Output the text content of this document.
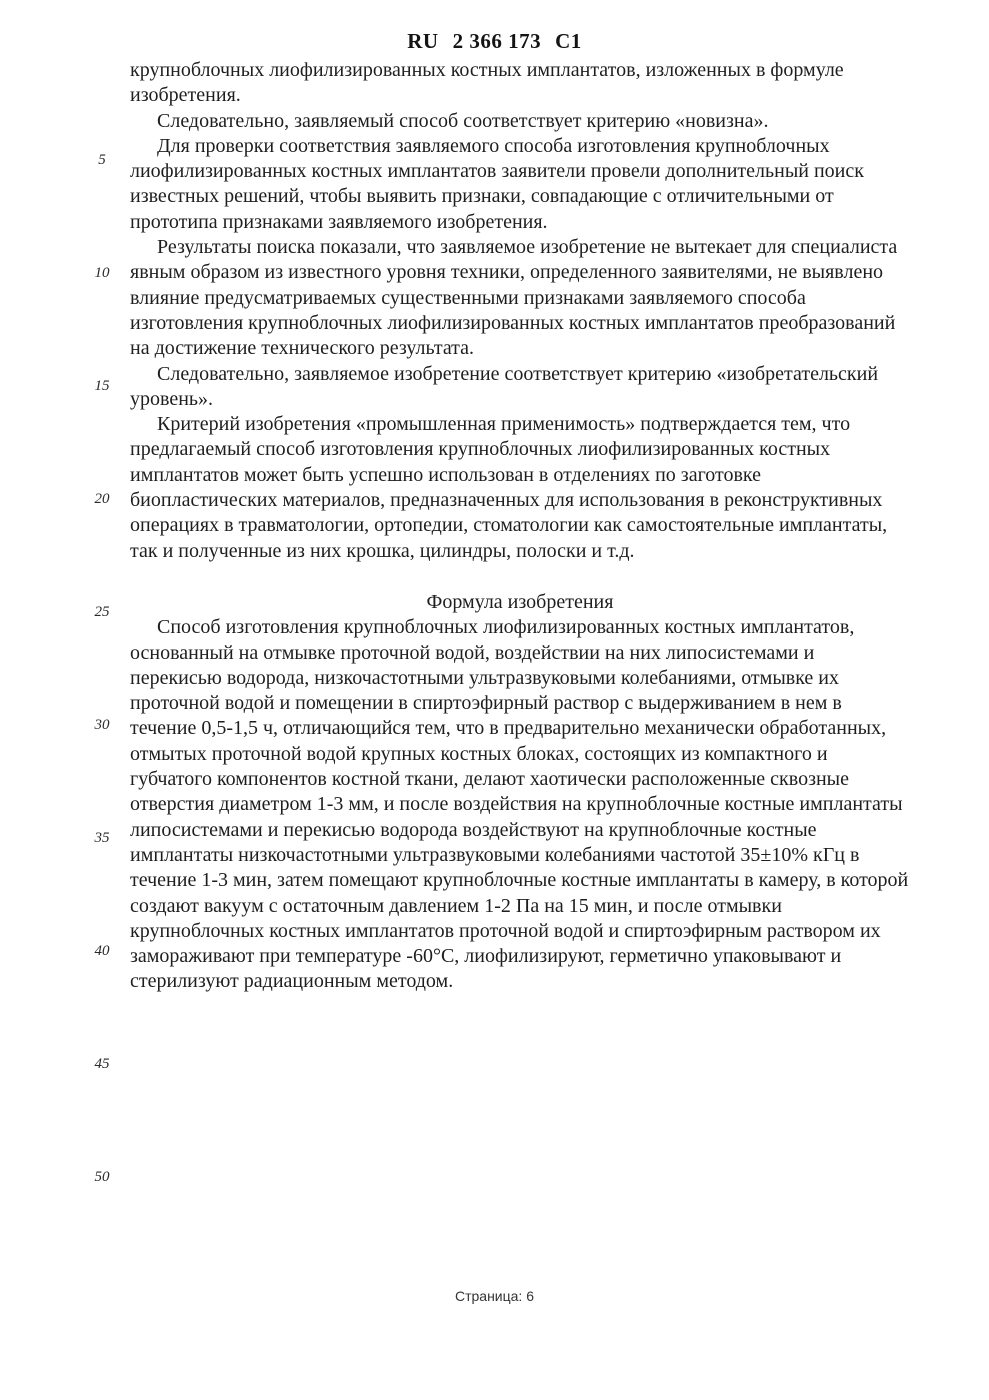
RU 2 366 173 C1
5
10
15
20
25
30
35
40
45
50

крупноблочных лиофилизированных костных имплантатов, изложенных в формуле изобретения.

Следовательно, заявляемый способ соответствует критерию «новизна».

Для проверки соответствия заявляемого способа изготовления крупноблочных лиофилизированных костных имплантатов заявители провели дополнительный поиск известных решений, чтобы выявить признаки, совпадающие с отличительными от прототипа признаками заявляемого изобретения.

Результаты поиска показали, что заявляемое изобретение не вытекает для специалиста явным образом из известного уровня техники, определенного заявителями, не выявлено влияние предусматриваемых существенными признаками заявляемого способа изготовления крупноблочных лиофилизированных костных имплантатов преобразований на достижение технического результата.

Следовательно, заявляемое изобретение соответствует критерию «изобретательский уровень».

Критерий изобретения «промышленная применимость» подтверждается тем, что предлагаемый способ изготовления крупноблочных лиофилизированных костных имплантатов может быть успешно использован в отделениях по заготовке биопластических материалов, предназначенных для использования в реконструктивных операциях в травматологии, ортопедии, стоматологии как самостоятельные имплантаты, так и полученные из них крошка, цилиндры, полоски и т.д.

Формула изобретения

Способ изготовления крупноблочных лиофилизированных костных имплантатов, основанный на отмывке проточной водой, воздействии на них липосистемами и перекисью водорода, низкочастотными ультразвуковыми колебаниями, отмывке их проточной водой и помещении в спиртоэфирный раствор с выдерживанием в нем в течение 0,5-1,5 ч, отличающийся тем, что в предварительно механически обработанных, отмытых проточной водой крупных костных блоках, состоящих из компактного и губчатого компонентов костной ткани, делают хаотически расположенные сквозные отверстия диаметром 1-3 мм, и после воздействия на крупноблочные костные имплантаты липосистемами и перекисью водорода воздействуют на крупноблочные костные имплантаты низкочастотными ультразвуковыми колебаниями частотой 35±10% кГц в течение 1-3 мин, затем помещают крупноблочные костные имплантаты в камеру, в которой создают вакуум с остаточным давлением 1-2 Па на 15 мин, и после отмывки крупноблочных костных имплантатов проточной водой и спиртоэфирным раствором их замораживают при температуре -60°С, лиофилизируют, герметично упаковывают и стерилизуют радиационным методом.

Страница: 6
